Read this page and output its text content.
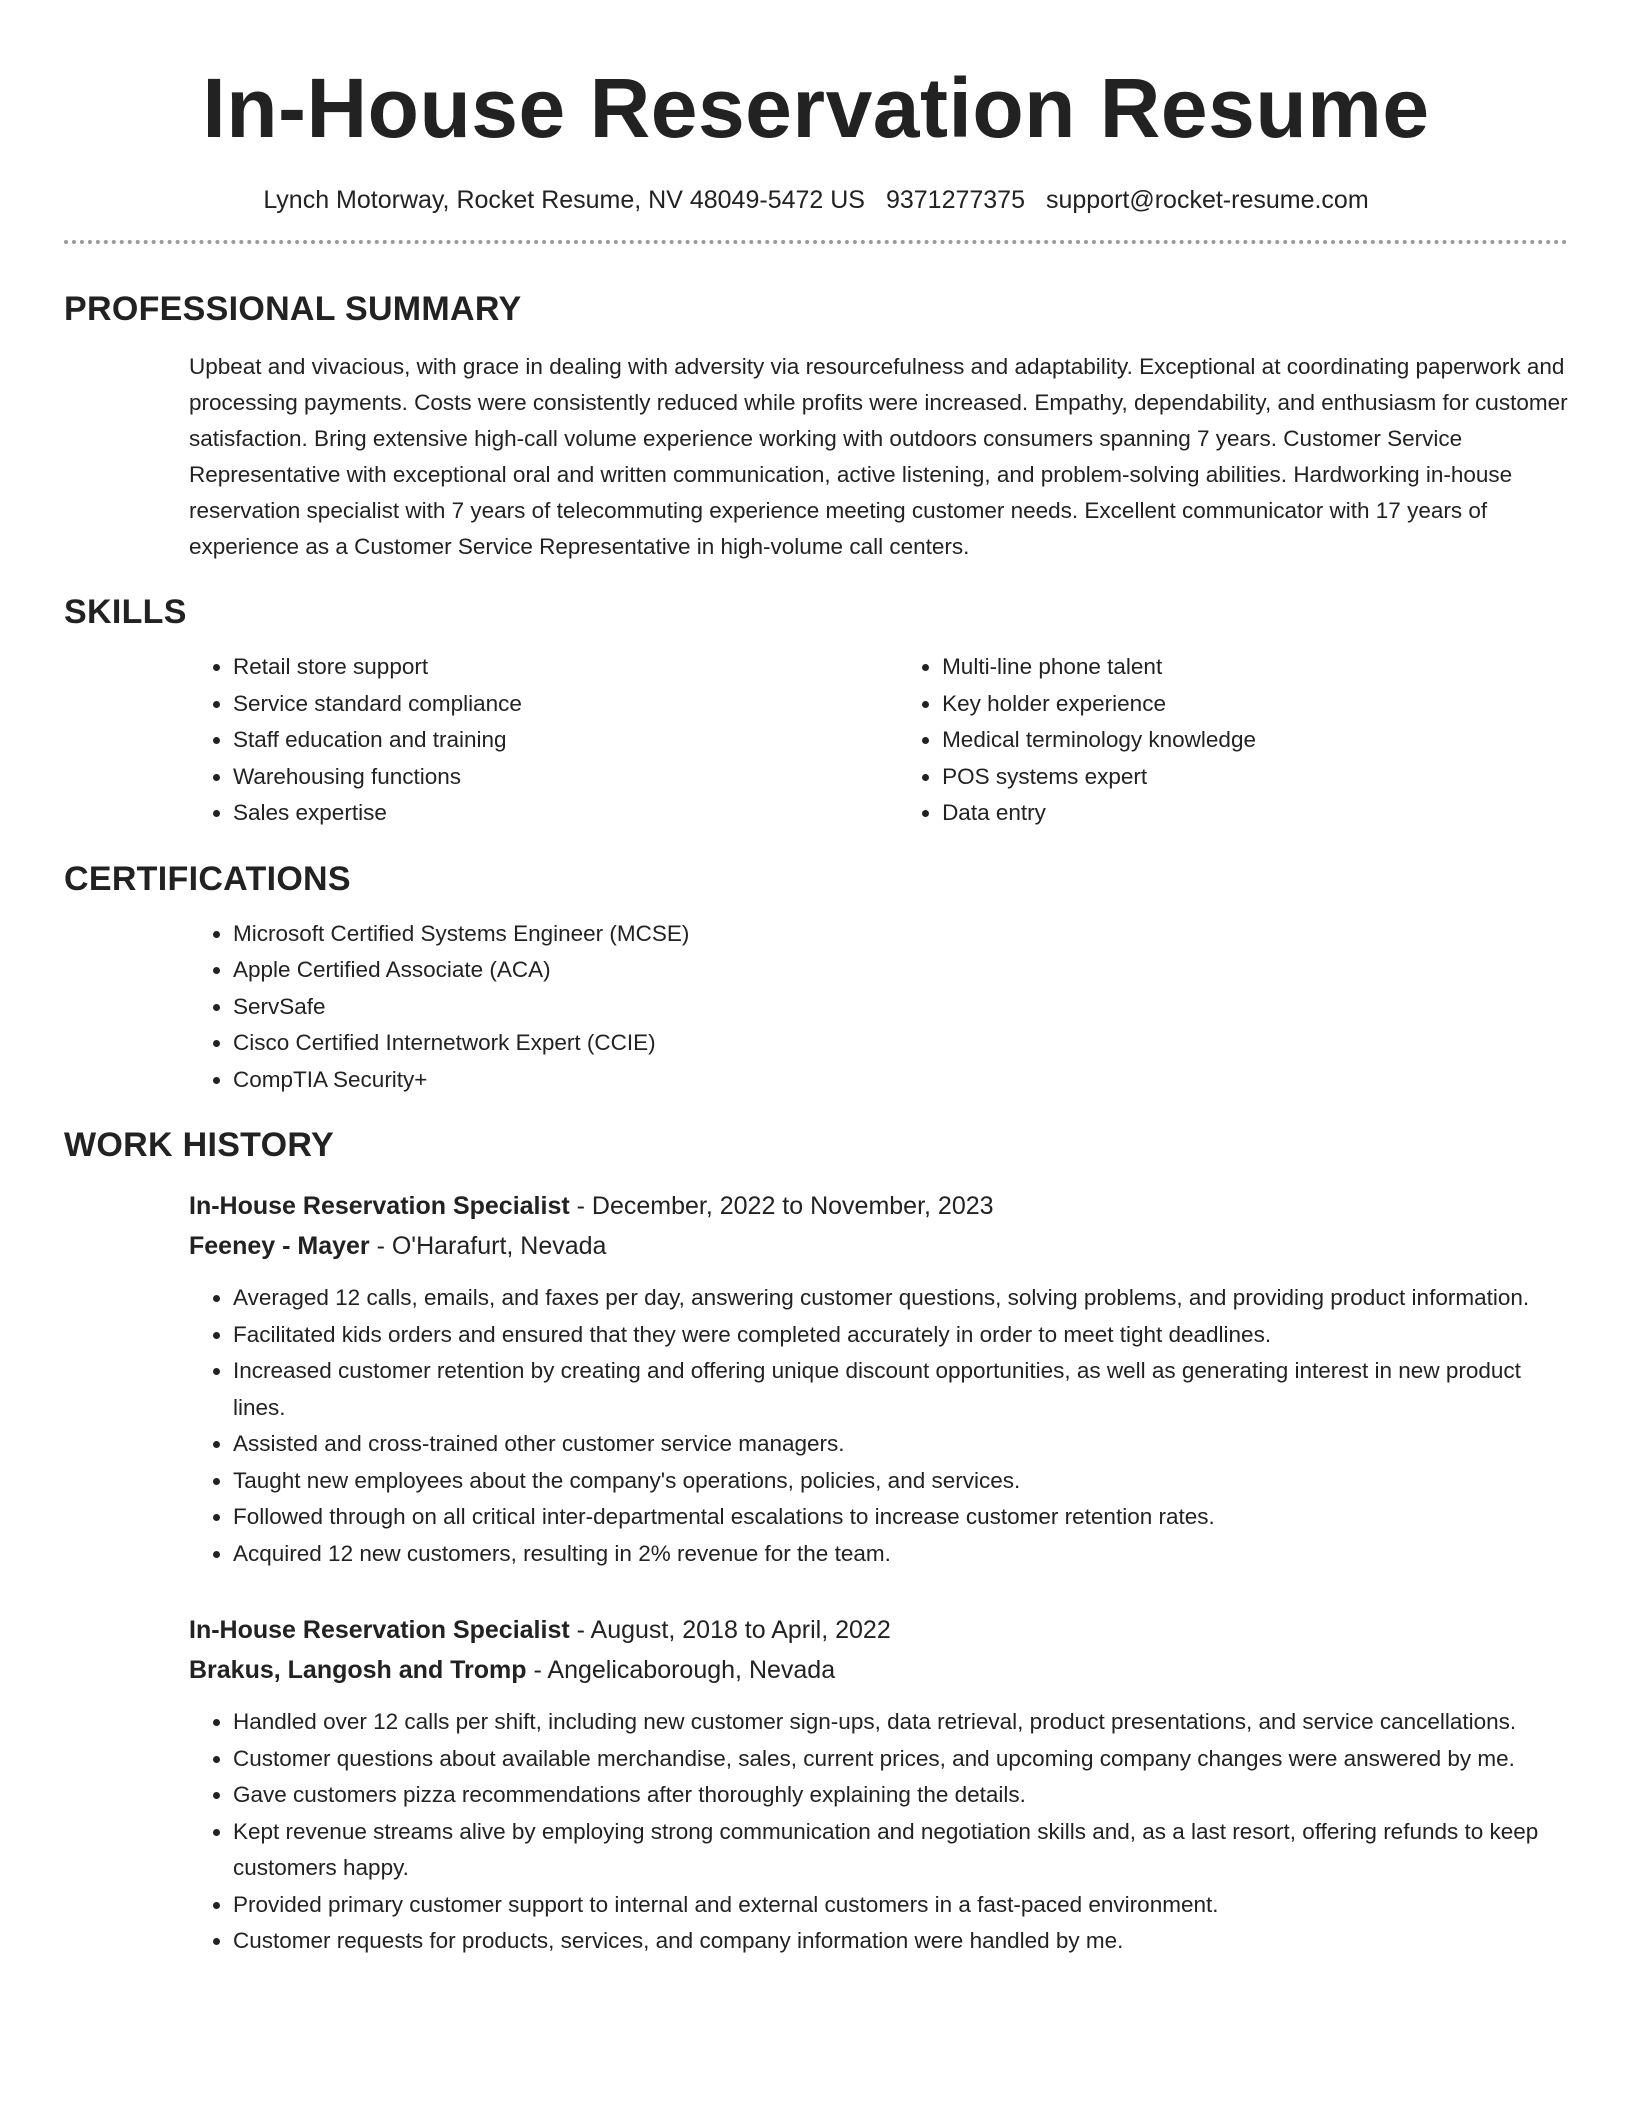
In-House Reservation Resume
Lynch Motorway, Rocket Resume, NV 48049-5472 US 9371277375 support@rocket-resume.com
PROFESSIONAL SUMMARY
Upbeat and vivacious, with grace in dealing with adversity via resourcefulness and adaptability. Exceptional at coordinating paperwork and processing payments. Costs were consistently reduced while profits were increased. Empathy, dependability, and enthusiasm for customer satisfaction. Bring extensive high-call volume experience working with outdoors consumers spanning 7 years. Customer Service Representative with exceptional oral and written communication, active listening, and problem-solving abilities. Hardworking in-house reservation specialist with 7 years of telecommuting experience meeting customer needs. Excellent communicator with 17 years of experience as a Customer Service Representative in high-volume call centers.
SKILLS
• Retail store support
• Service standard compliance
• Staff education and training
• Warehousing functions
• Sales expertise
• Multi-line phone talent
• Key holder experience
• Medical terminology knowledge
• POS systems expert
• Data entry
CERTIFICATIONS
• Microsoft Certified Systems Engineer (MCSE)
• Apple Certified Associate (ACA)
• ServSafe
• Cisco Certified Internetwork Expert (CCIE)
• CompTIA Security+
WORK HISTORY
In-House Reservation Specialist - December, 2022 to November, 2023
Feeney - Mayer - O'Harafurt, Nevada
• Averaged 12 calls, emails, and faxes per day, answering customer questions, solving problems, and providing product information.
• Facilitated kids orders and ensured that they were completed accurately in order to meet tight deadlines.
• Increased customer retention by creating and offering unique discount opportunities, as well as generating interest in new product lines.
• Assisted and cross-trained other customer service managers.
• Taught new employees about the company's operations, policies, and services.
• Followed through on all critical inter-departmental escalations to increase customer retention rates.
• Acquired 12 new customers, resulting in 2% revenue for the team.
In-House Reservation Specialist - August, 2018 to April, 2022
Brakus, Langosh and Tromp - Angelicaborough, Nevada
• Handled over 12 calls per shift, including new customer sign-ups, data retrieval, product presentations, and service cancellations.
• Customer questions about available merchandise, sales, current prices, and upcoming company changes were answered by me.
• Gave customers pizza recommendations after thoroughly explaining the details.
• Kept revenue streams alive by employing strong communication and negotiation skills and, as a last resort, offering refunds to keep customers happy.
• Provided primary customer support to internal and external customers in a fast-paced environment.
• Customer requests for products, services, and company information were handled by me.
